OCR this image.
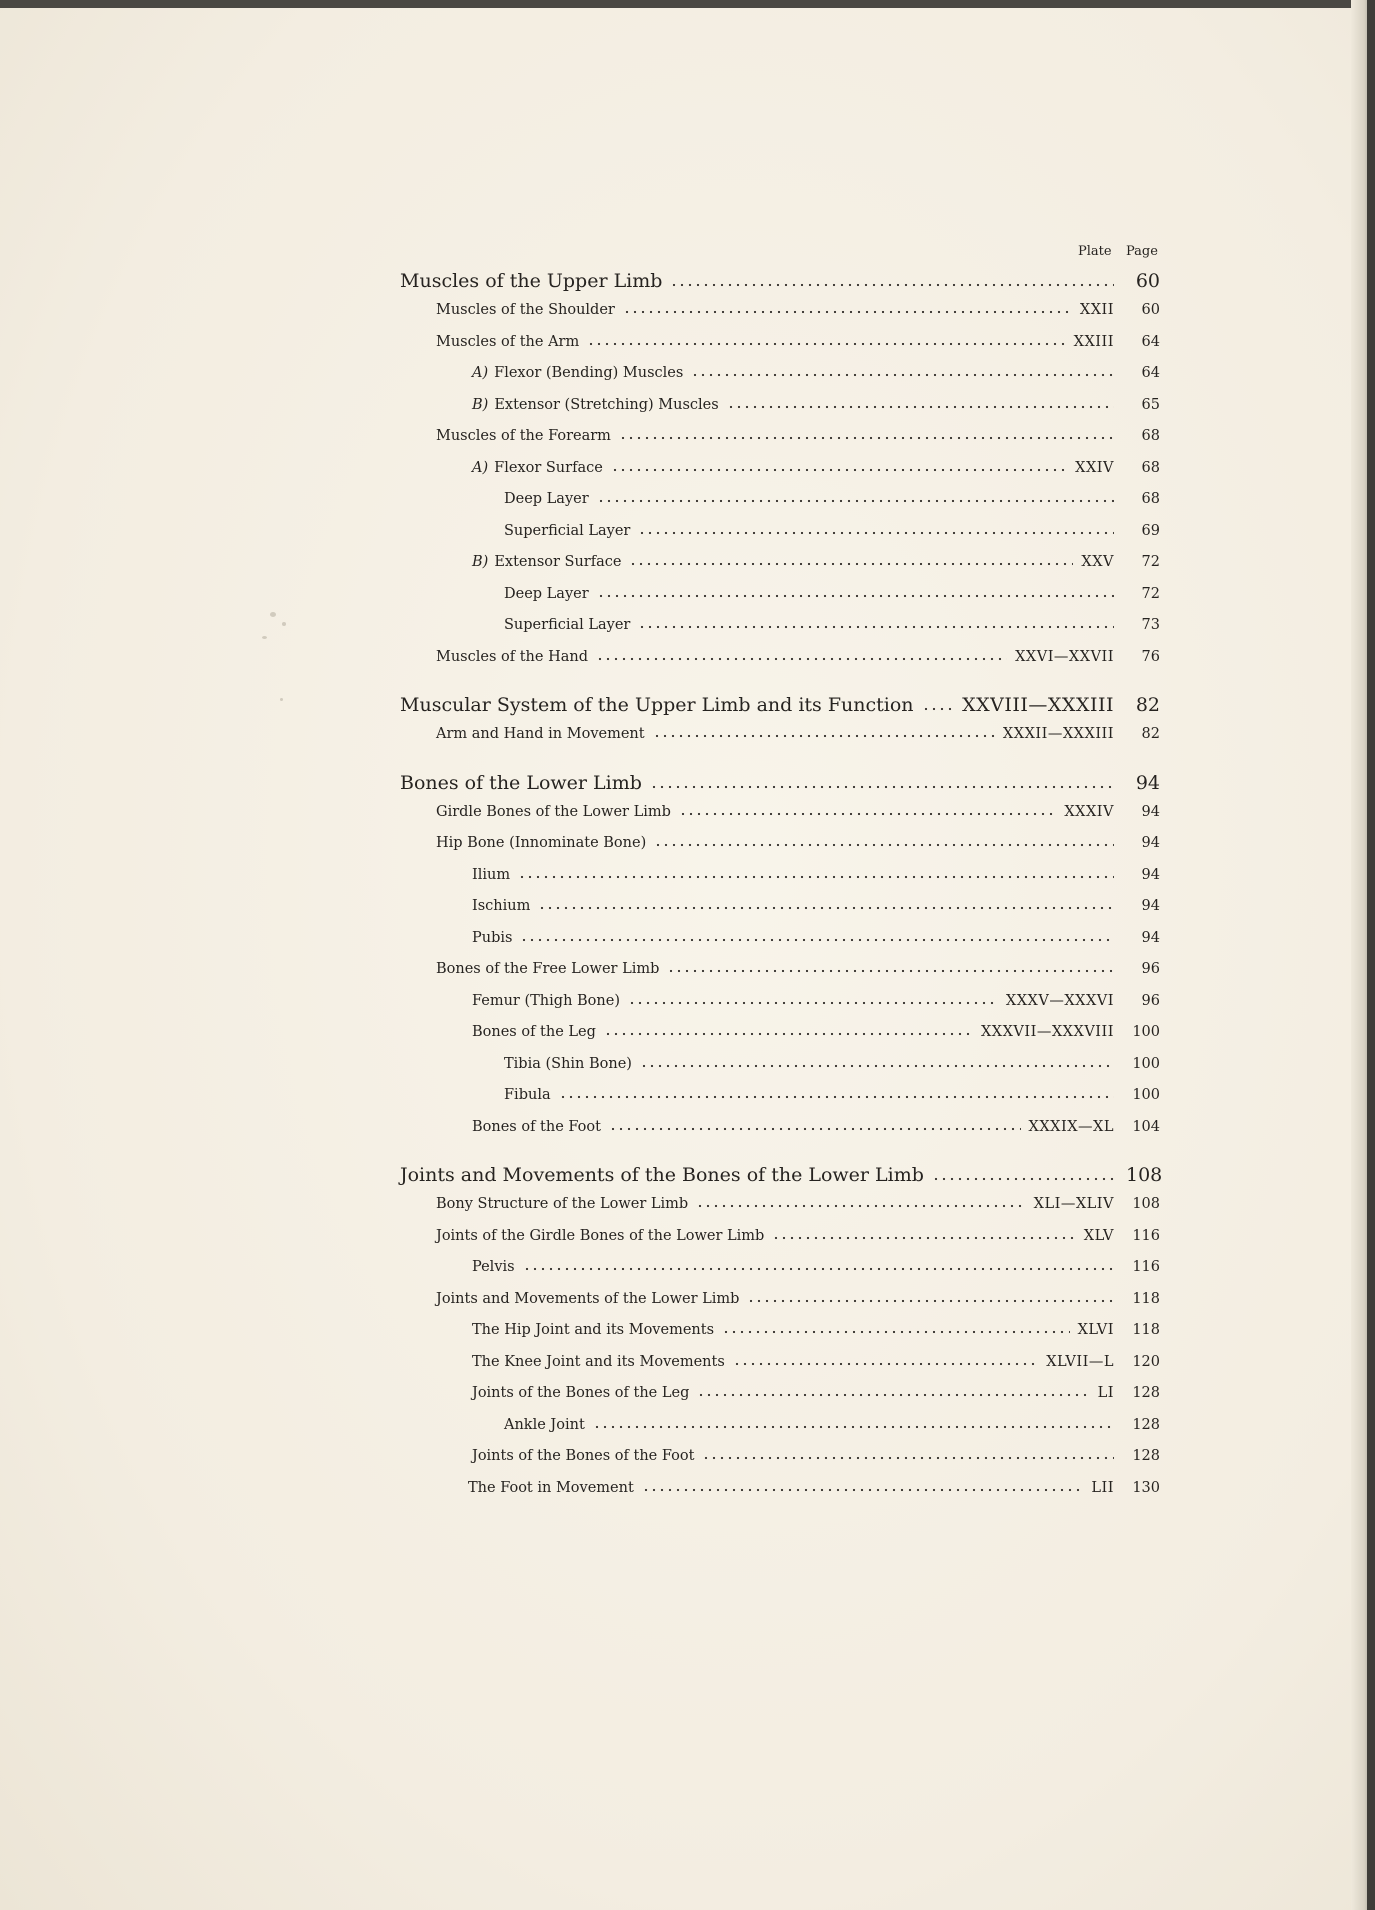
Plate Page
Muscles of the Upper Limb	60
Muscles of the Shoulder	XXII	60
Muscles of the Arm	XXIII	64
A) Flexor (Bending) Muscles	64
B) Extensor (Stretching) Muscles	65
Muscles of the Forearm	68
A) Flexor Surface	XXIV	68
Deep Layer	68
Superficial Layer	69
B) Extensor Surface	XXV	72
Deep Layer	72
Superficial Layer	73
Muscles of the Hand	XXVI—XXVII	76
Muscular System of the Upper Limb and its Function	XXVIII—XXXIII	82
Arm and Hand in Movement	XXXII—XXXIII	82
Bones of the Lower Limb	94
Girdle Bones of the Lower Limb	XXXIV	94
Hip Bone (Innominate Bone)	94
Ilium	94
Ischium	94
Pubis	94
Bones of the Free Lower Limb	96
Femur (Thigh Bone)	XXXV—XXXVI	96
Bones of the Leg	XXXVII—XXXVIII	100
Tibia (Shin Bone)	100
Fibula	100
Bones of the Foot	XXXIX—XL	104
Joints and Movements of the Bones of the Lower Limb	108
Bony Structure of the Lower Limb	XLI—XLIV	108
Joints of the Girdle Bones of the Lower Limb	XLV	116
Pelvis	116
Joints and Movements of the Lower Limb	118
The Hip Joint and its Movements	XLVI	118
The Knee Joint and its Movements	XLVII—L	120
Joints of the Bones of the Leg	LI	128
Ankle Joint	128
Joints of the Bones of the Foot	128
The Foot in Movement	LII	130
